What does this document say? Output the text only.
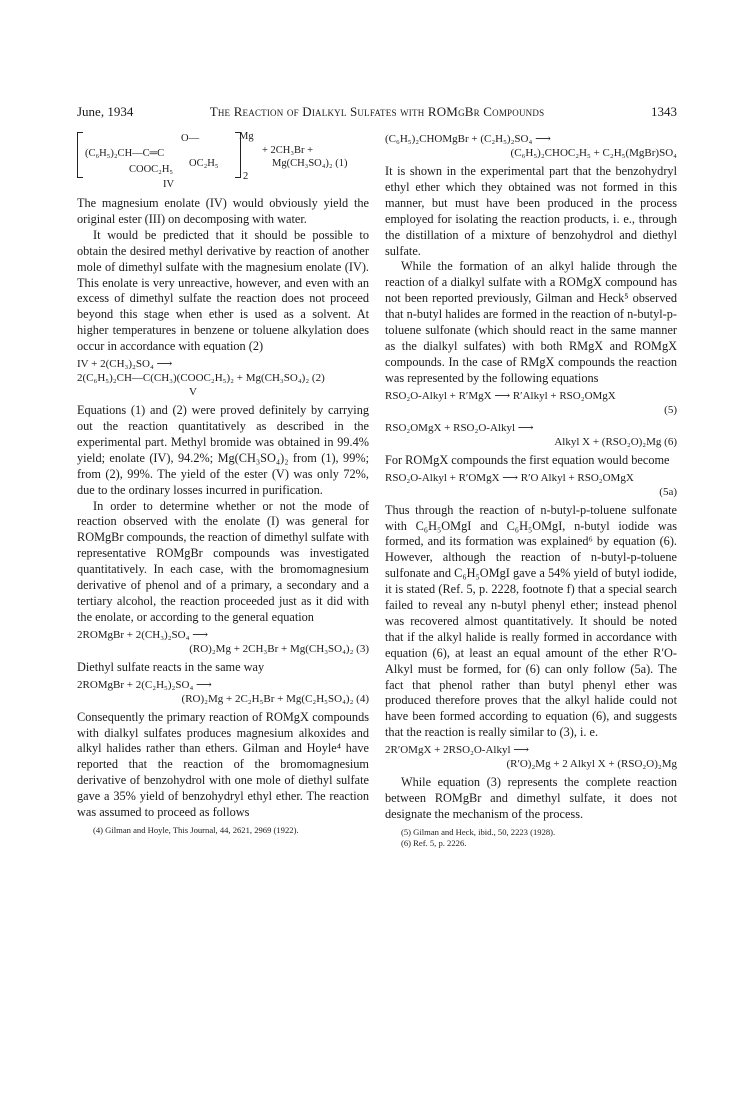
June, 1934	The Reaction of Dialkyl Sulfates with ROMgBr Compounds	1343
(C₆H₅)₂CH—C═C
O—	Mg
OC₂H₅
COOC₂H₅
2
+ 2CH₃Br +
Mg(CH₃SO₄)₂ (1)
IV

The magnesium enolate (IV) would obviously yield the original ester (III) on decomposing with water.

It would be predicted that it should be possible to obtain the desired methyl derivative by reaction of another mole of dimethyl sulfate with the magnesium enolate (IV). This enolate is very unreactive, however, and even with an excess of dimethyl sulfate the reaction does not proceed beyond this stage when ether is used as a solvent. At higher temperatures in benzene or toluene alkylation does occur in accordance with equation (2)

IV + 2(CH₃)₂SO₄ ⟶
2(C₆H₅)₂CH—C(CH₃)(COOC₂H₅)₂ + Mg(CH₃SO₄)₂ (2)
V

Equations (1) and (2) were proved definitely by carrying out the reaction quantitatively as described in the experimental part. Methyl bromide was obtained in 99.4% yield; enolate (IV), 94.2%; Mg(CH₃SO₄)₂ from (1), 99%; from (2), 99%. The yield of the ester (V) was only 72%, due to the ordinary losses incurred in purification.

In order to determine whether or not the mode of reaction observed with the enolate (I) was general for ROMgBr compounds, the reaction of dimethyl sulfate with representative ROMgBr compounds was investigated quantitatively. In each case, with the bromomagnesium derivative of phenol and of a primary, a secondary and a tertiary alcohol, the reaction proceeded just as it did with the enolate, or according to the general equation

2ROMgBr + 2(CH₃)₂SO₄ ⟶
(RO)₂Mg + 2CH₃Br + Mg(CH₃SO₄)₂ (3)

Diethyl sulfate reacts in the same way

2ROMgBr + 2(C₂H₅)₂SO₄ ⟶
(RO)₂Mg + 2C₂H₅Br + Mg(C₂H₅SO₄)₂ (4)

Consequently the primary reaction of ROMgX compounds with dialkyl sulfates produces magnesium alkoxides and alkyl halides rather than ethers. Gilman and Hoyle⁴ have reported that the reaction of the bromomagnesium derivative of benzohydrol with one mole of diethyl sulfate gave a 35% yield of benzohydryl ethyl ether. The reaction was assumed to proceed as follows

(4) Gilman and Hoyle, This Journal, 44, 2621, 2969 (1922).

(C₆H₅)₂CHOMgBr + (C₂H₅)₂SO₄ ⟶
(C₆H₅)₂CHOC₂H₅ + C₂H₅(MgBr)SO₄

It is shown in the experimental part that the benzohydryl ethyl ether which they obtained was not formed in this manner, but must have been produced in the process employed for isolating the reaction products, i. e., through the distillation of a mixture of benzohydrol and diethyl sulfate.

While the formation of an alkyl halide through the reaction of a dialkyl sulfate with a ROMgX compound has not been reported previously, Gilman and Heck⁵ observed that n-butyl halides are formed in the reaction of n-butyl-p-toluene sulfonate (which should react in the same manner as the dialkyl sulfates) with both RMgX and ROMgX compounds. In the case of RMgX compounds the reaction was represented by the following equations

RSO₂O-Alkyl + R′MgX ⟶ R′Alkyl + RSO₂OMgX
(5)
RSO₂OMgX + RSO₂O-Alkyl ⟶
Alkyl X + (RSO₂O)₂Mg (6)

For ROMgX compounds the first equation would become

RSO₂O-Alkyl + R′OMgX ⟶ R′O Alkyl + RSO₂OMgX
(5a)

Thus through the reaction of n-butyl-p-toluene sulfonate with C₆H₅OMgI and C₆H₅OMgI, n-butyl iodide was formed, and its formation was explained⁶ by equation (6). However, although the reaction of n-butyl-p-toluene sulfonate and C₆H₅OMgI gave a 54% yield of butyl iodide, it is stated (Ref. 5, p. 2228, footnote f) that a special search failed to reveal any n-butyl phenyl ether; instead phenol was recovered almost quantitatively. It should be noted that if the alkyl halide is really formed in accordance with equation (6), at least an equal amount of the ether R′O-Alkyl must be formed, for (6) can only follow (5a). The fact that phenol rather than butyl phenyl ether was produced therefore proves that the alkyl halide could not have been formed according to equation (6), and suggests that the reaction is really similar to (3), i. e.

2R′OMgX + 2RSO₂O-Alkyl ⟶
(R′O)₂Mg + 2 Alkyl X + (RSO₂O)₂Mg

While equation (3) represents the complete reaction between ROMgBr and dimethyl sulfate, it does not designate the mechanism of the process.

(5) Gilman and Heck, ibid., 50, 2223 (1928).

(6) Ref. 5, p. 2226.
